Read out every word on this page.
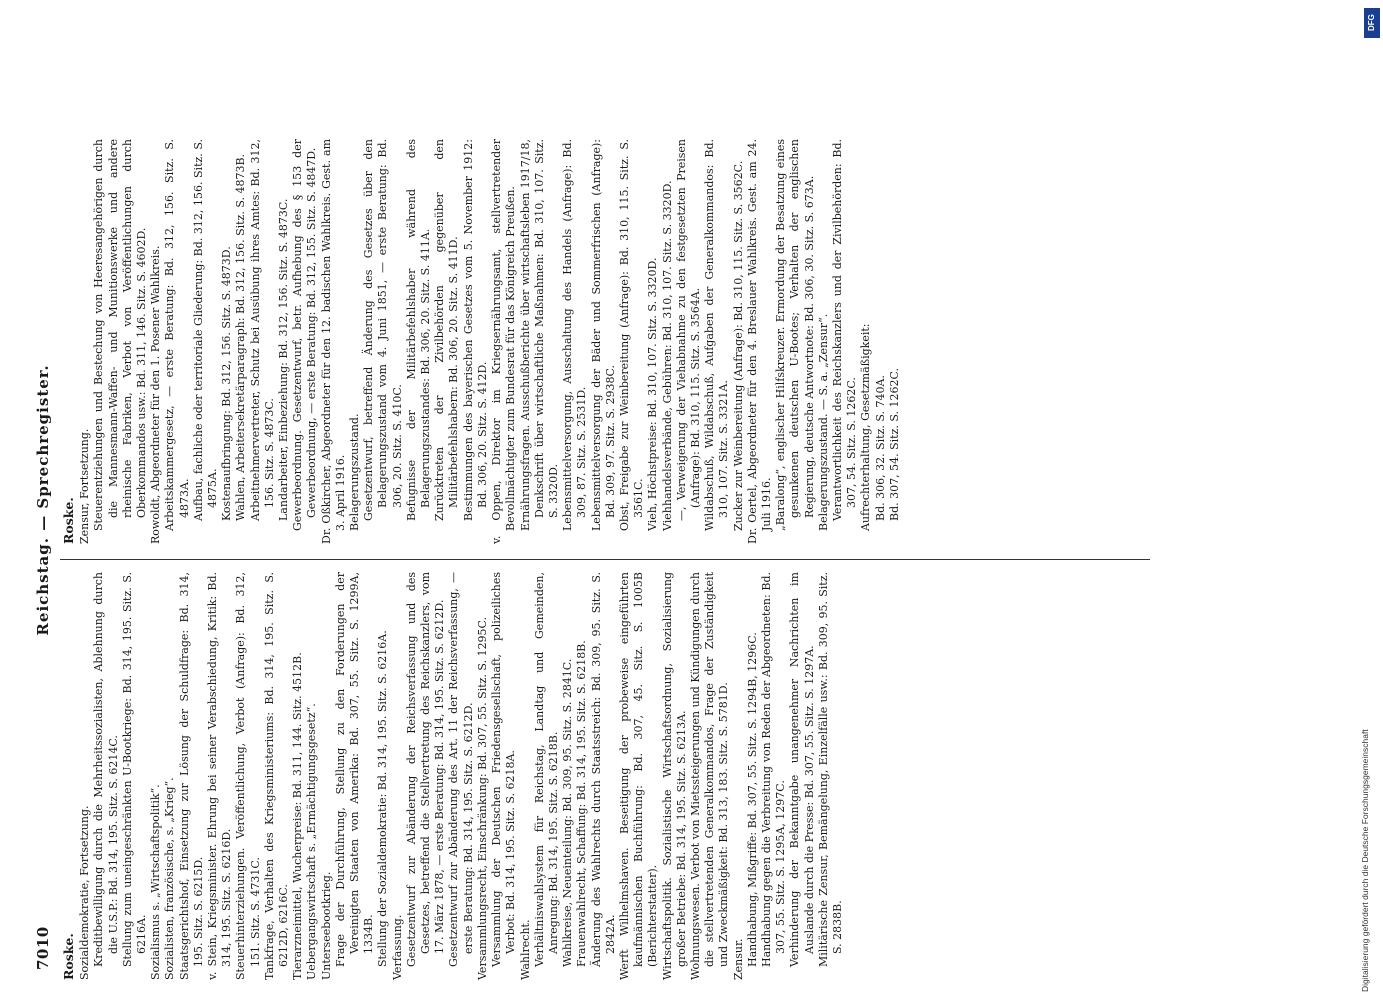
7010
Reichstag. — Sprechregister.
Roske. Sozialdemokratie, Fortsetzung. Kreditbewilligung durch die Mehrheitssozialisten, Ablehnung durch die U.S.P.: Bd. 314, 195. Sitz. S. 6214C. Stellung zum uneingeschränkten U-Bootkriege: Bd. 314, 195. Sitz. S. 6216A. Sozialismus s. „Wirtschaftspolitik“. Sozialisten, französische, s. „Krieg“. Staatsgerichtshof, Einsetzung zur Lösung der Schuldfrage: Bd. 314, 195. Sitz. S. 6215D. v. Stein, Kriegsminister. Ehrung bei seiner Verabschiedung, Kritik: Bd. 314, 195. Sitz. S. 6216D. Steuerhinterziehungen. Veröffentlichung, Verbot (Anfrage): Bd. 312, 151. Sitz. S. 4731C. Tankfrage, Verhalten des Kriegsministeriums: Bd. 314, 195. Sitz. S. 6212D, 6216C. Tierarzneimittel, Wucherpreise: Bd. 311, 144. Sitz. 4512B. Uebergangswirtschaft s. „Ermächtigungsgesetz“. Unterseebootkrieg. Frage der Durchführung, Stellung zu den Forderungen der Vereinigten Staaten von Amerika: Bd. 307, 55. Sitz. S. 1299A, 1334B. Stellung der Sozialdemokratie: Bd. 314, 195. Sitz. S. 6216A. Verfassung. Gesetzentwurf zur Abänderung der Reichsverfassung und des Gesetzes, betreffend die Stellvertretung des Reichskanzlers, vom 17. März 1878, — erste Beratung: Bd. 314, 195. Sitz. S. 6212D. Gesetzentwurf zur Abänderung des Art. 11 der Reichsverfassung, — erste Beratung: Bd. 314, 195. Sitz. S. 6212D. Versammlungsrecht, Einschränkung: Bd. 307, 55. Sitz. S. 1295C. Versammlung der Deutschen Friedensgesellschaft, polizeiliches Verbot: Bd. 314, 195. Sitz. S. 6218A. Wahlrecht. Verhältniswahlsystem für Reichstag, Landtag und Gemeinden, Anregung: Bd. 314, 195. Sitz. S. 6218B. Wahlkreise, Neueinteilung: Bd. 309, 95. Sitz. S. 2841C. Frauenwahlrecht, Schaffung: Bd. 314, 195. Sitz. S. 6218B. Änderung des Wahlrechts durch Staatsstreich: Bd. 309, 95. Sitz. S. 2842A. Werft Wilhelmshaven. Beseitigung der probeweise eingeführten kaufmännischen Buchführung: Bd. 307, 45. Sitz. S. 1005B (Berichterstatter). Wirtschaftspolitik. Sozialistische Wirtschaftsordnung, Sozialisierung großer Betriebe: Bd. 314, 195. Sitz. S. 6213A. Wohnungswesen. Verbot von Mietssteigerungen und Kündigungen durch die stellvertretenden Generalkommandos, Frage der Zuständigkeit und Zweckmäßigkeit: Bd. 313, 183. Sitz. S. 5781D. Zensur. Handhabung, Mißgriffe: Bd. 307, 55. Sitz. S. 1294B, 1296C. Handhabung gegen die Verbreitung von Reden der Abgeordneten: Bd. 307, 55. Sitz. S. 1295A, 1297C. Verhinderung der Bekanntgabe unangenehmer Nachrichten im Auslande durch die Presse: Bd. 307, 55. Sitz. S. 1297A. Militärische Zensur, Bemängelung, Einzelfälle usw.: Bd. 309, 95. Sitz. S. 2838B.

Roske. Zensur, Fortsetzung. Steuerentziehungen und Bestechung von Heeresangehörigen durch die Mannesmann-Waffen- und Munitionswerke und andere rheinische Fabriken, Verbot von Veröffentlichungen durch Oberkommandos usw.: Bd. 311, 146. Sitz. S. 4602D. Rowoldt, Abgeordneter für den 1. Posener Wahlkreis. Arbeitskammergesetz, — erste Beratung: Bd. 312, 156. Sitz. S. 4873A. Aufbau, fachliche oder territoriale Gliederung: Bd. 312, 156. Sitz. S. 4875A. Kostenaufbringung: Bd. 312, 156. Sitz. S. 4873D. Wahlen, Arbeitersekretärparagraph: Bd. 312, 156. Sitz. S. 4873B. Arbeitnehmervertreter, Schutz bei Ausübung ihres Amtes: Bd. 312, 156. Sitz. S. 4873C. Landarbeiter, Einbeziehung: Bd. 312, 156. Sitz. S. 4873C. Gewerbeordnung. Gesetzentwurf, betr. Aufhebung des § 153 der Gewerbeordnung, — erste Beratung: Bd. 312, 155. Sitz. S. 4847D. Dr. Oßkircher, Abgeordneter für den 12. badischen Wahlkreis. Gest. am 3. April 1916. Belagerungszustand. Gesetzentwurf, betreffend Änderung des Gesetzes über den Belagerungszustand vom 4. Juni 1851, — erste Beratung: Bd. 306, 20. Sitz. S. 410C. Befugnisse der Militärbefehlshaber während des Belagerungszustandes: Bd. 306, 20. Sitz. S. 411A. Zurücktreten der Zivilbehörden gegenüber den Militärbefehlshabern: Bd. 306, 20. Sitz. S. 411D. Bestimmungen des bayerischen Gesetzes vom 5. November 1912: Bd. 306, 20. Sitz. S. 412D. v. Oppen, Direktor im Kriegsernährungsamt, stellvertretender Bevollmächtigter zum Bundesrat für das Königreich Preußen. Ernährungsfragen. Ausschußberichte über wirtschaftsleben 1917/18, Denkschrift über wirtschaftliche Maßnahmen: Bd. 310, 107. Sitz. S. 3320D. Lebensmittelversorgung, Ausschaltung des Handels (Anfrage): Bd. 309, 87. Sitz. S. 2531D. Lebensmittelversorgung der Bäder und Sommerfrischen (Anfrage): Bd. 309, 97. Sitz. S. 2938C. Obst, Freigabe zur Weinbereitung (Anfrage): Bd. 310, 115. Sitz. S. 3561C. Vieh, Höchstpreise: Bd. 310, 107. Sitz. S. 3320D. Viehhandelsverbände, Gebühren: Bd. 310, 107. Sitz. S. 3320D. —, Verweigerung der Viehabnahme zu den festgesetzten Preisen (Anfrage): Bd. 310, 115. Sitz. S. 3564A. Wildabschuß, Wildabschuß, Aufgaben der Generalkommandos: Bd. 310, 107. Sitz. S. 3321A. Zucker zur Weinbereitung (Anfrage): Bd. 310, 115. Sitz. S. 3562C. Dr. Oertel, Abgeordneter für den 4. Breslauer Wahlkreis. Gest. am 24. Juli 1916. „Baralong“, englischer Hilfskreuzer. Ermordung der Besatzung eines gesunkenen deutschen U-Bootes; Verhalten der englischen Regierung, deutsche Antwortnote: Bd. 306, 30. Sitz. S. 673A. Belagerungszustand. — S. a. „Zensur“. Verantwortlichkeit des Reichskanzlers und der Zivilbehörden: Bd. 307, 54. Sitz. S. 1262C. Aufrechterhaltung, Gesetzmäßigkeit: Bd. 306, 32. Sitz. S. 740A. Bd. 307, 54. Sitz. S. 1262C.

Digitalisierung gefördert durch die Deutsche Forschungsgemeinschaft
DFG
